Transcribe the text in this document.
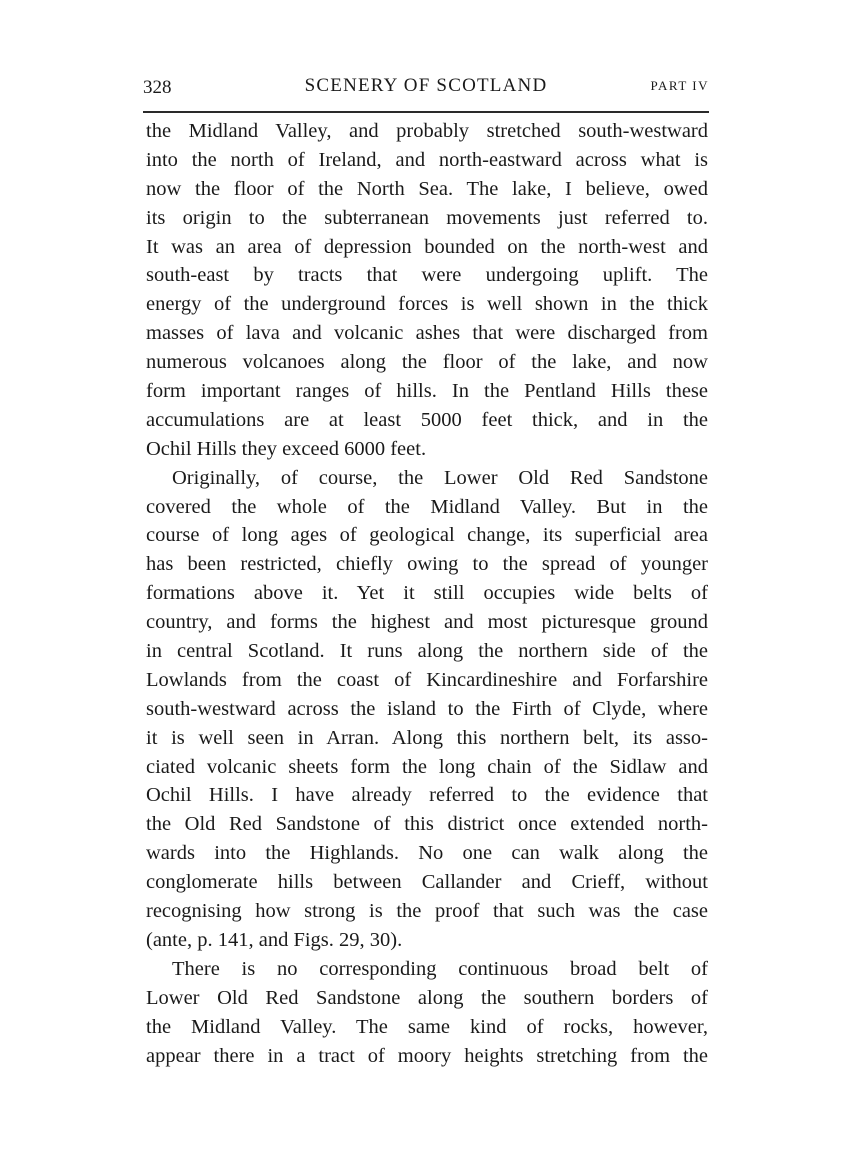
328	SCENERY OF SCOTLAND	PART IV
the Midland Valley, and probably stretched south-westward
into the north of Ireland, and north-eastward across what is
now the floor of the North Sea. The lake, I believe, owed
its origin to the subterranean movements just referred to.
It was an area of depression bounded on the north-west and
south-east by tracts that were undergoing uplift. The
energy of the underground forces is well shown in the thick
masses of lava and volcanic ashes that were discharged from
numerous volcanoes along the floor of the lake, and now
form important ranges of hills. In the Pentland Hills these
accumulations are at least 5000 feet thick, and in the
Ochil Hills they exceed 6000 feet.
Originally, of course, the Lower Old Red Sandstone
covered the whole of the Midland Valley. But in the
course of long ages of geological change, its superficial area
has been restricted, chiefly owing to the spread of younger
formations above it. Yet it still occupies wide belts of
country, and forms the highest and most picturesque ground
in central Scotland. It runs along the northern side of the
Lowlands from the coast of Kincardineshire and Forfarshire
south-westward across the island to the Firth of Clyde, where
it is well seen in Arran. Along this northern belt, its asso-
ciated volcanic sheets form the long chain of the Sidlaw and
Ochil Hills. I have already referred to the evidence that
the Old Red Sandstone of this district once extended north-
wards into the Highlands. No one can walk along the
conglomerate hills between Callander and Crieff, without
recognising how strong is the proof that such was the case
(ante, p. 141, and Figs. 29, 30).
There is no corresponding continuous broad belt of
Lower Old Red Sandstone along the southern borders of
the Midland Valley. The same kind of rocks, however,
appear there in a tract of moory heights stretching from the
